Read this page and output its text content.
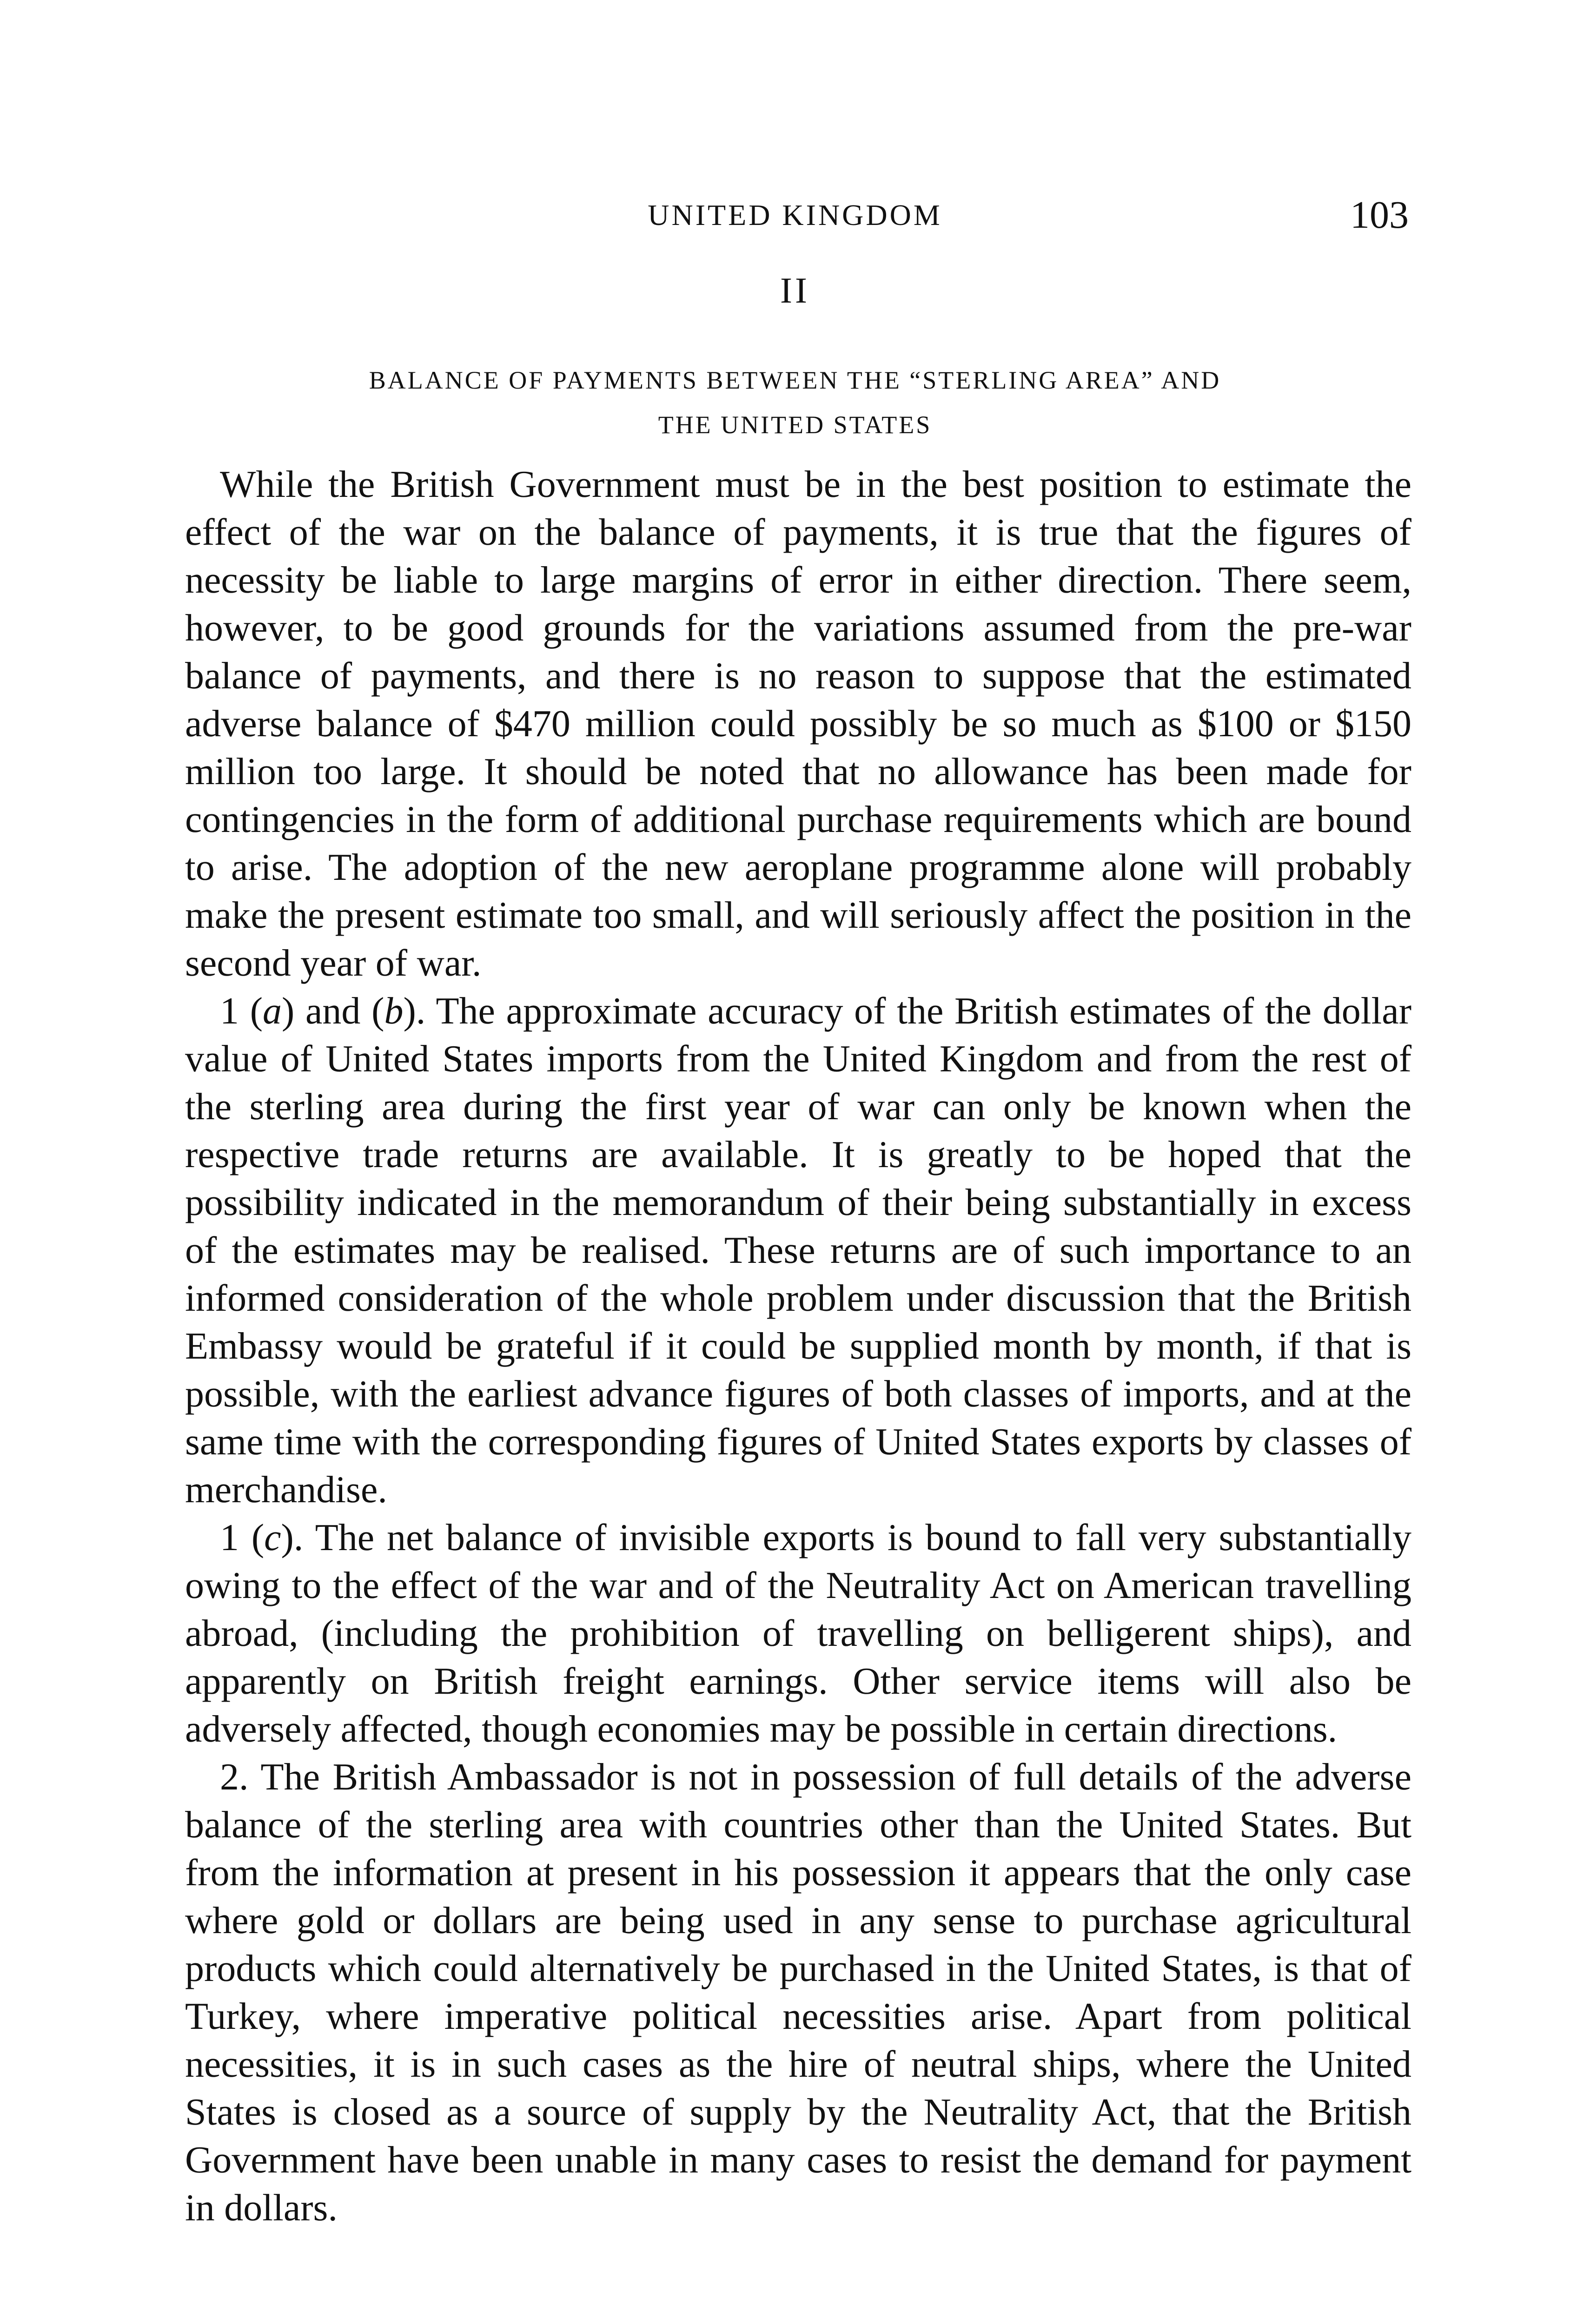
UNITED KINGDOM	103
II
BALANCE OF PAYMENTS BETWEEN THE “STERLING AREA” AND
THE UNITED STATES

While the British Government must be in the best position to estimate the effect of the war on the balance of payments, it is true that the figures of necessity be liable to large margins of error in either direction. There seem, however, to be good grounds for the variations assumed from the pre-war balance of payments, and there is no reason to suppose that the estimated adverse balance of $470 million could possibly be so much as $100 or $150 million too large. It should be noted that no allowance has been made for contingencies in the form of additional purchase requirements which are bound to arise. The adoption of the new aeroplane programme alone will probably make the present estimate too small, and will seriously affect the position in the second year of war.

1 (a) and (b). The approximate accuracy of the British estimates of the dollar value of United States imports from the United Kingdom and from the rest of the sterling area during the first year of war can only be known when the respective trade returns are available. It is greatly to be hoped that the possibility indicated in the memorandum of their being substantially in excess of the estimates may be realised. These returns are of such importance to an informed consideration of the whole problem under discussion that the British Embassy would be grateful if it could be supplied month by month, if that is possible, with the earliest advance figures of both classes of imports, and at the same time with the corresponding figures of United States exports by classes of merchandise.

1 (c). The net balance of invisible exports is bound to fall very substantially owing to the effect of the war and of the Neutrality Act on American travelling abroad, (including the prohibition of travelling on belligerent ships), and apparently on British freight earnings. Other service items will also be adversely affected, though economies may be possible in certain directions.

2. The British Ambassador is not in possession of full details of the adverse balance of the sterling area with countries other than the United States. But from the information at present in his possession it appears that the only case where gold or dollars are being used in any sense to purchase agricultural products which could alternatively be purchased in the United States, is that of Turkey, where imperative political necessities arise. Apart from political necessities, it is in such cases as the hire of neutral ships, where the United States is closed as a source of supply by the Neutrality Act, that the British Government have been unable in many cases to resist the demand for payment in dollars.
